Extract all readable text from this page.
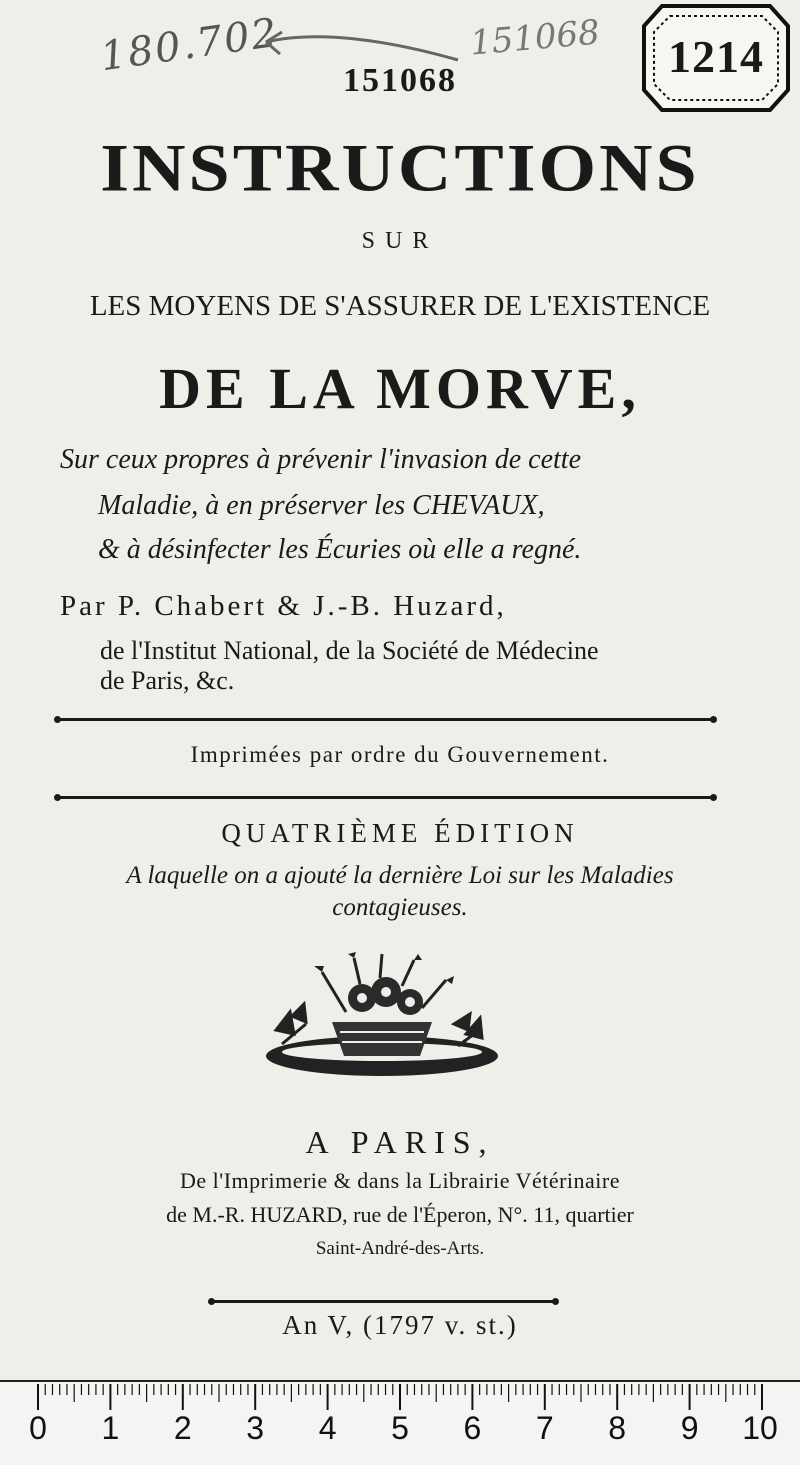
180.702	151068
151068	1214
INSTRUCTIONS
SUR
LES MOYENS DE S'ASSURER DE L'EXISTENCE
DE LA MORVE,
Sur ceux propres à prévenir l'invasion de cette
Maladie, à en préserver les CHEVAUX,
& à désinfecter les Écuries où elle a regné.
Par P. Chabert & J.-B. Huzard,
de l'Institut National, de la Société de Médecine
de Paris, &c.
Imprimées par ordre du Gouvernement.
QUATRIÈME ÉDITION
A laquelle on a ajouté la dernière Loi sur les Maladies
contagieuses.
A PARIS,
De l'Imprimerie & dans la Librairie Vétérinaire
de M.-R. HUZARD, rue de l'Éperon, N°. 11, quartier
Saint-André-des-Arts.
An V, (1797 v. st.)
0	1	2	3	4	5	6	7	8	9	10
